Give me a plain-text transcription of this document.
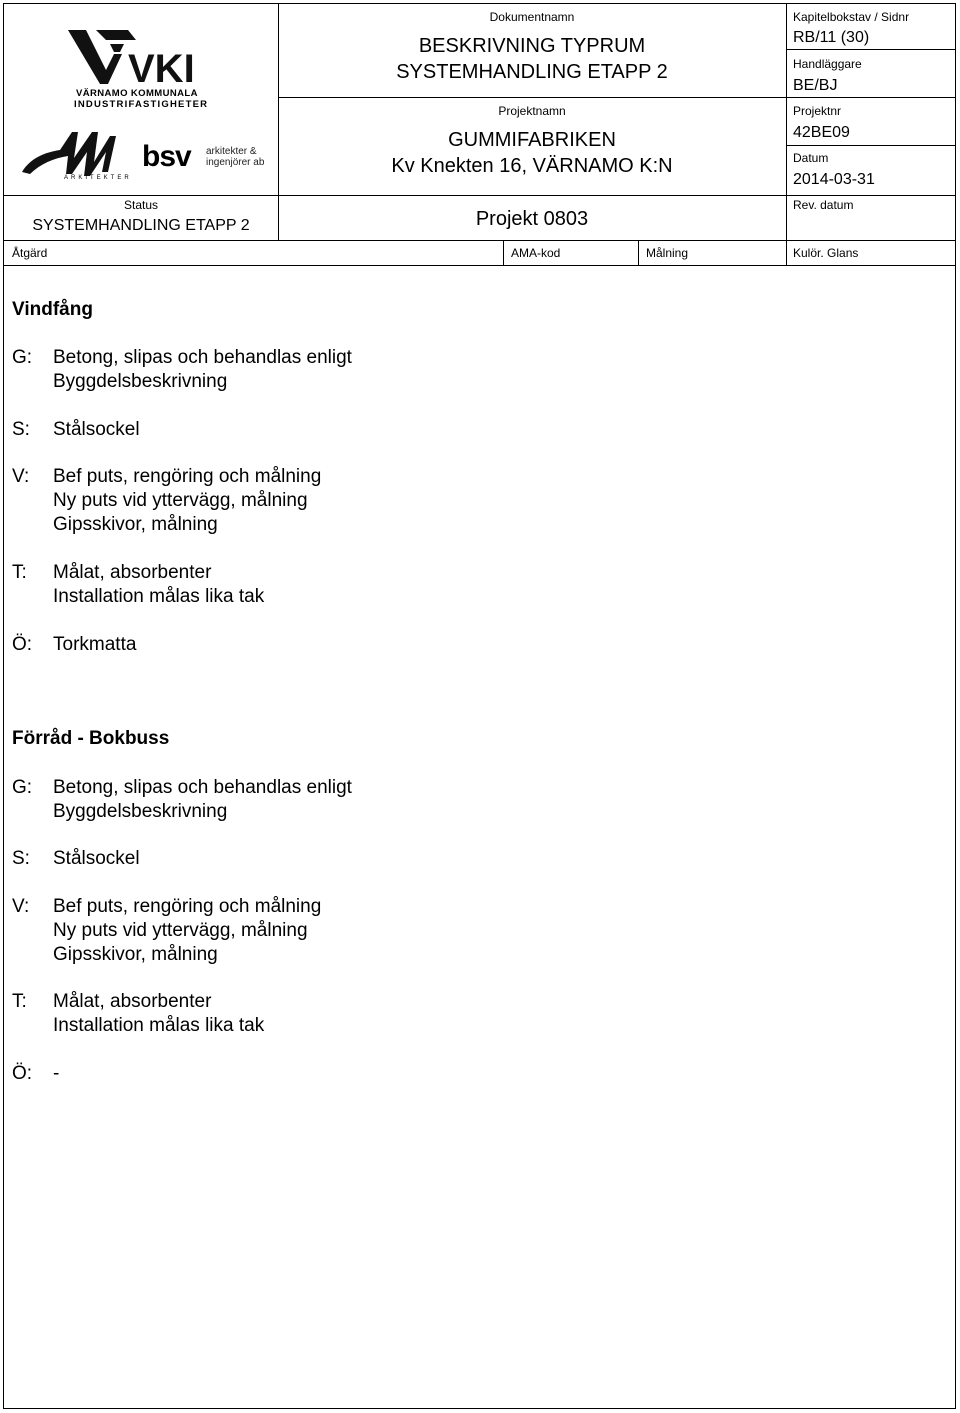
VKI
VÄRNAMO KOMMUNALA
INDUSTRIFASTIGHETER
ARKITEKTER
bsv arkitekter &
ingenjörer ab
Status
SYSTEMHANDLING ETAPP 2
Dokumentnamn
BESKRIVNING TYPRUM
SYSTEMHANDLING ETAPP 2
Projektnamn
GUMMIFABRIKEN
Kv Knekten 16, VÄRNAMO K:N
Projekt 0803
Kapitelbokstav / Sidnr
RB/11 (30)
Handläggare
BE/BJ
Projektnr
42BE09
Datum
2014-03-31
Rev. datum
Åtgärd	AMA-kod	Målning	Kulör. Glans
Vindfång
G: Betong, slipas och behandlas enligt
Byggdelsbeskrivning
S: Stålsockel
V: Bef puts, rengöring och målning
Ny puts vid yttervägg, målning
Gipsskivor, målning
T: Målat, absorbenter
Installation målas lika tak
Ö: Torkmatta
Förråd - Bokbuss
G: Betong, slipas och behandlas enligt
Byggdelsbeskrivning
S: Stålsockel
V: Bef puts, rengöring och målning
Ny puts vid yttervägg, målning
Gipsskivor, målning
T: Målat, absorbenter
Installation målas lika tak
Ö: -
